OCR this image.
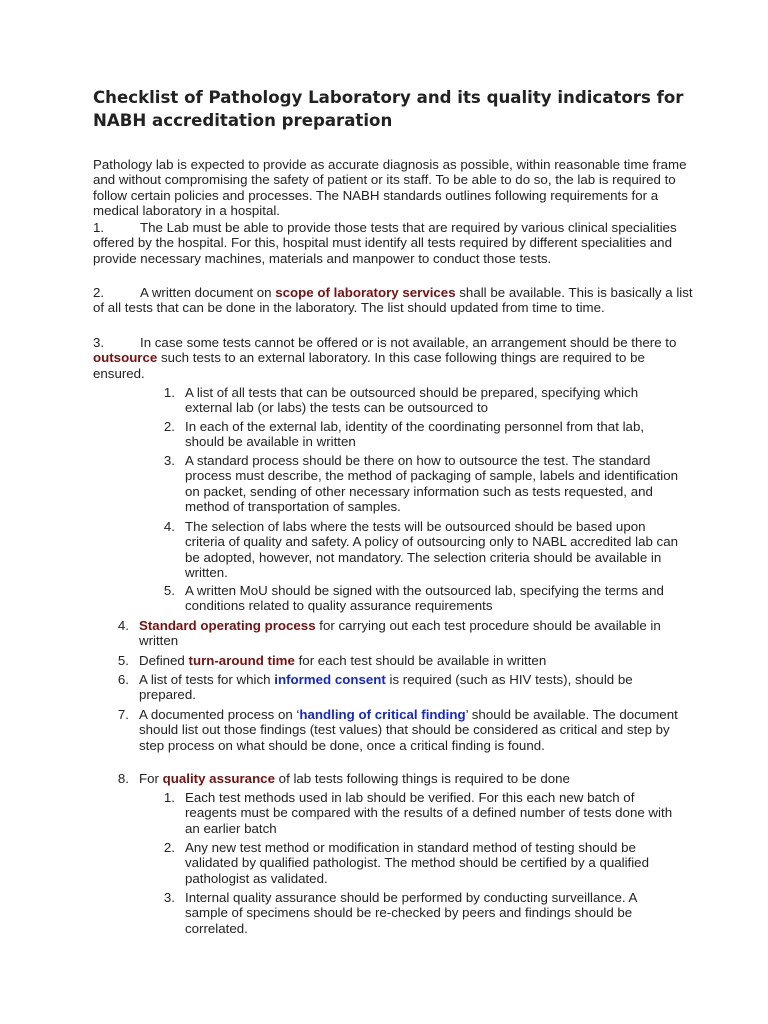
Checklist of Pathology Laboratory and its quality indicators for NABH accreditation preparation

Pathology lab is expected to provide as accurate diagnosis as possible, within reasonable time frame and without compromising the safety of patient or its staff. To be able to do so, the lab is required to follow certain policies and processes. The NABH standards outlines following requirements for a medical laboratory in a hospital.

1.	The Lab must be able to provide those tests that are required by various clinical specialities offered by the hospital. For this, hospital must identify all tests required by different specialities and provide necessary machines, materials and manpower to conduct those tests.

2.	A written document on scope of laboratory services shall be available. This is basically a list of all tests that can be done in the laboratory. The list should updated from time to time.

3.	In case some tests cannot be offered or is not available, an arrangement should be there to outsource such tests to an external laboratory. In this case following things are required to be ensured.

1. A list of all tests that can be outsourced should be prepared, specifying which external lab (or labs) the tests can be outsourced to
2. In each of the external lab, identity of the coordinating personnel from that lab, should be available in written
3. A standard process should be there on how to outsource the test. The standard process must describe, the method of packaging of sample, labels and identification on packet, sending of other necessary information such as tests requested, and method of transportation of samples.
4. The selection of labs where the tests will be outsourced should be based upon criteria of quality and safety. A policy of outsourcing only to NABL accredited lab can be adopted, however, not mandatory. The selection criteria should be available in written.
5. A written MoU should be signed with the outsourced lab, specifying the terms and conditions related to quality assurance requirements
4. Standard operating process for carrying out each test procedure should be available in written
5. Defined turn-around time for each test should be available in written
6. A list of tests for which informed consent is required (such as HIV tests), should be prepared.
7. A documented process on ‘handling of critical finding’ should be available. The document should list out those findings (test values) that should be considered as critical and step by step process on what should be done, once a critical finding is found.
8. For quality assurance of lab tests following things is required to be done
1. Each test methods used in lab should be verified. For this each new batch of reagents must be compared with the results of a defined number of tests done with an earlier batch
2. Any new test method or modification in standard method of testing should be validated by qualified pathologist. The method should be certified by a qualified pathologist as validated.
3. Internal quality assurance should be performed by conducting surveillance. A sample of specimens should be re-checked by peers and findings should be correlated.
